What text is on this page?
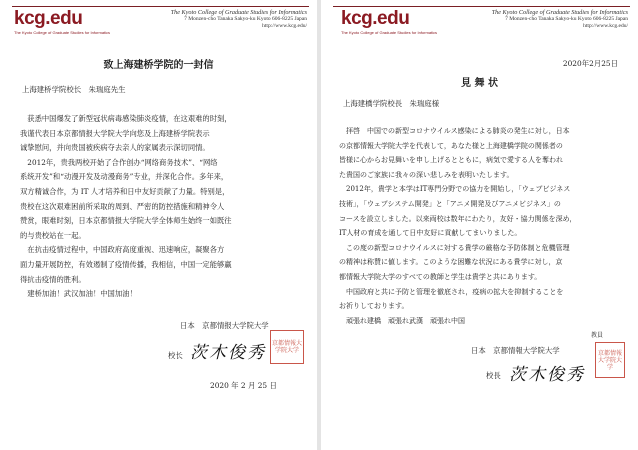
kcg.edu
The Kyoto College of Graduate Studies for Informatics
The Kyoto College of Graduate Studies for Informatics
7 Monzen-cho Tanaka Sakyo-ku Kyoto 606-8225 Japan
http://www.kcg.edu/
致上海建桥学院的一封信
上海建桥学院校长　朱瑞庭先生
　获悉中国爆发了新型冠状病毒感染肺炎疫情，在这艰难的时刻，
我谨代表日本京都情报大学院大学向您及上海建桥学院表示
诚挚慰问，并向贵国被疾病夺去亲人的家属表示深切同情。
　2012年，贵我两校开始了合作创办“网络商务技术”、“网络
系统开发”和“动漫开发及动漫商务”专业，并深化合作。多年来，
双方精诚合作，为 IT 人才培养和日中友好贡献了力量。特别是，
贵校在这次艰难困前所采取的周到、严密的防控措施和精神令人
赞赏，眼难时刻，日本京都情报大学院大学全体师生始终一如既往
的与贵校站在一起。
　在抗击疫情过程中，中国政府高度重视、迅速响应，凝聚各方
面力量开展防控，有效遏制了疫情传播，我相信，中国一定能够赢
得抗击疫情的胜利。
　建桥加油！武汉加油！中国加油！
日本　京都情报大学院大学
校长 茨木俊秀 京都情報大学院大学
2020 年 2 月 25 日
kcg.edu
The Kyoto College of Graduate Studies for Informatics
The Kyoto College of Graduate Studies for Informatics
7 Monzen-cho Tanaka Sakyo-ku Kyoto 606-8225 Japan
http://www.kcg.edu/
2020年2月25日
見 舞 状
上海建橋学院校長　朱瑞庭様
　拝啓　中国での新型コロナウイルス感染による肺炎の発生に対し，日本
の京都情報大学院大学を代表して，あなた様と上海建橋学院の関係者の
皆様に心からお見舞いを申し上げるとともに，病気で愛する人を奪われ
た貴国のご家族に我々の深い悲しみを表明いたします。
　2012年，貴学と本学はIT専門分野での協力を開始し，「ウェブビジネス
技術」，「ウェブシステム開発」と「アニメ開発及びアニメビジネス」の
コースを設立しました。以来両校は数年にわたり，友好・協力関係を深め，
IT人材の育成を通して日中友好に貢献してまいりました。
　この度の新型コロナウイルスに対する貴学の厳格な予防体制と危機管理
の精神は称賛に値します。このような困難な状況にある貴学に対し，京
都情報大学院大学のすべての教師と学生は貴学と共にあります。
　中国政府と共に予防と管理を徹底され，疫病の拡大を抑制することを
お祈りしております。
　頑張れ建橋　頑張れ武漢　頑張れ中国
教員
日本　京都情報大学院大学
校長 茨木俊秀
京都情報大学院大学
